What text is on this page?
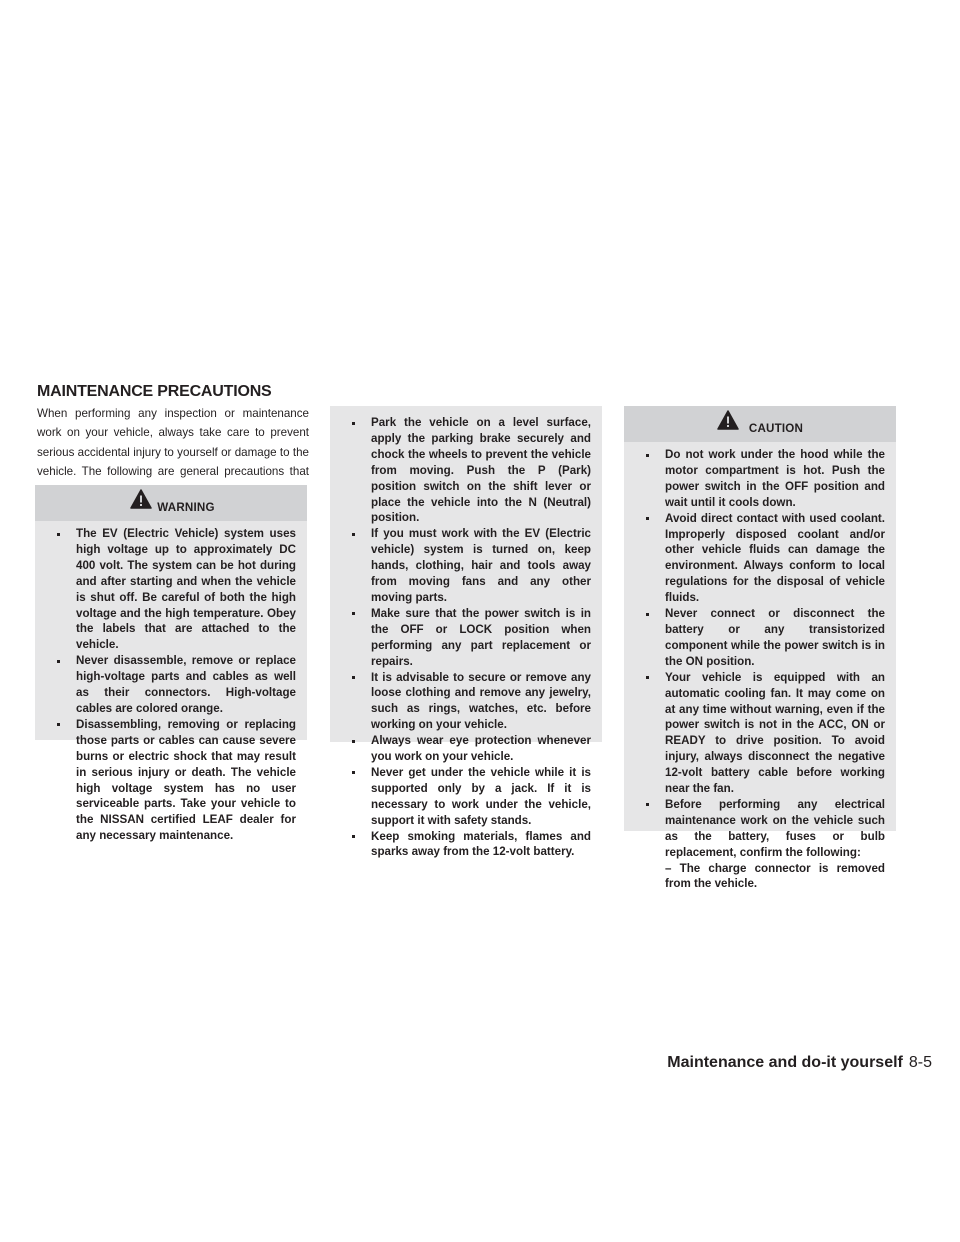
MAINTENANCE PRECAUTIONS

When performing any inspection or maintenance work on your vehicle, always take care to prevent serious accidental injury to yourself or damage to the vehicle. The following are general precautions that

WARNING
The EV (Electric Vehicle) system uses high voltage up to approximately DC 400 volt. The system can be hot during and after starting and when the vehicle is shut off. Be careful of both the high voltage and the high temperature. Obey the labels that are attached to the vehicle.
Never disassemble, remove or replace high-voltage parts and cables as well as their connectors. High-voltage cables are colored orange.
Disassembling, removing or replacing those parts or cables can cause severe burns or electric shock that may result in serious injury or death. The vehicle high voltage system has no user serviceable parts. Take your vehicle to the NISSAN certified LEAF dealer for any necessary maintenance.
Park the vehicle on a level surface, apply the parking brake securely and chock the wheels to prevent the vehicle from moving. Push the P (Park) position switch on the shift lever or place the vehicle into the N (Neutral) position.
If you must work with the EV (Electric vehicle) system is turned on, keep hands, clothing, hair and tools away from moving fans and any other moving parts.
Make sure that the power switch is in the OFF or LOCK position when performing any part replacement or repairs.
It is advisable to secure or remove any loose clothing and remove any jewelry, such as rings, watches, etc. before working on your vehicle.
Always wear eye protection whenever you work on your vehicle.
Never get under the vehicle while it is supported only by a jack. If it is necessary to work under the vehicle, support it with safety stands.
Keep smoking materials, flames and sparks away from the 12-volt battery.
CAUTION
Do not work under the hood while the motor compartment is hot. Push the power switch in the OFF position and wait until it cools down.
Avoid direct contact with used coolant. Improperly disposed coolant and/or other vehicle fluids can damage the environment. Always conform to local regulations for the disposal of vehicle fluids.
Never connect or disconnect the battery or any transistorized component while the power switch is in the ON position.
Your vehicle is equipped with an automatic cooling fan. It may come on at any time without warning, even if the power switch is not in the ACC, ON or READY to drive position. To avoid injury, always disconnect the negative 12-volt battery cable before working near the fan.
Before performing any electrical maintenance work on the vehicle such as the battery, fuses or bulb replacement, confirm the following:
– The charge connector is removed from the vehicle.
Maintenance and do-it yourself 8-5
